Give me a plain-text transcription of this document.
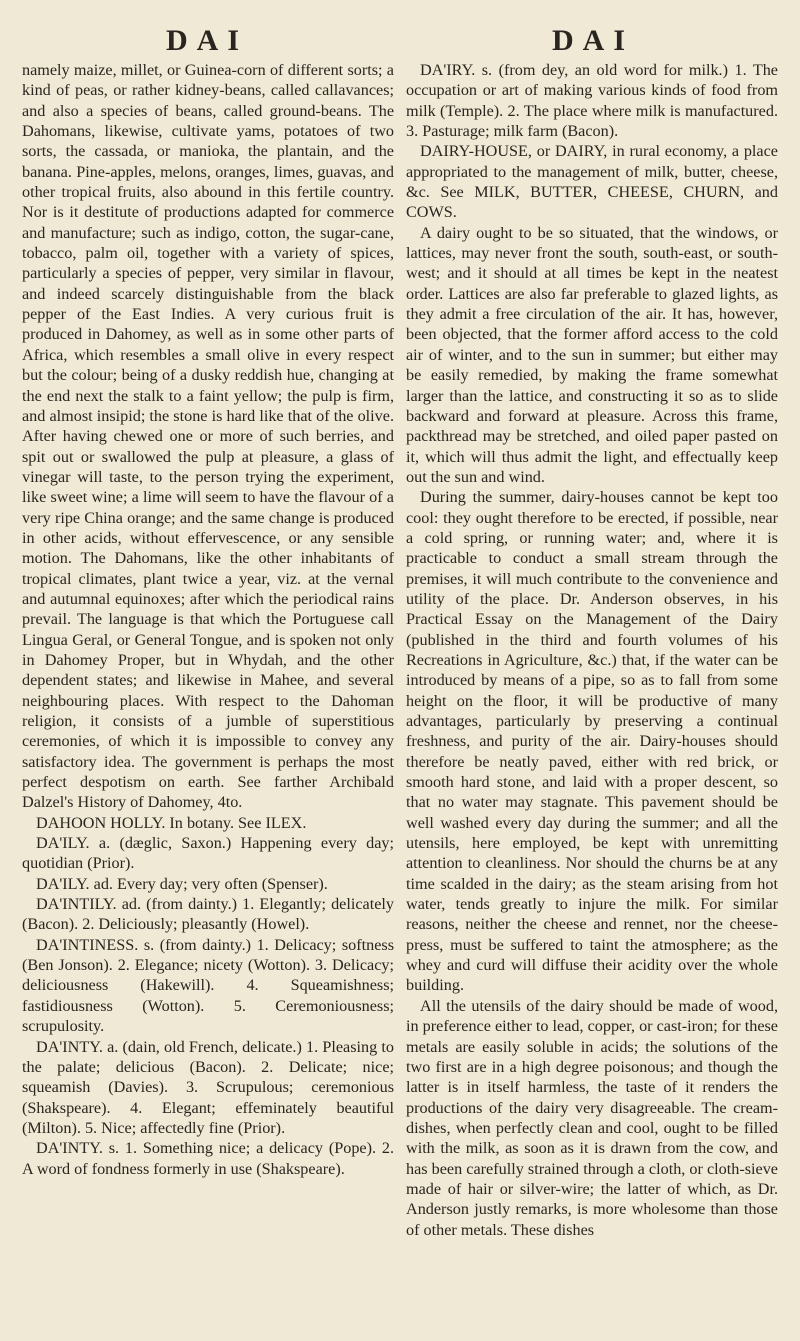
DAI	DAI

namely maize, millet, or Guinea-corn of different sorts; a kind of peas, or rather kidney-beans, called callavances; and also a species of beans, called ground-beans. The Dahomans, likewise, cultivate yams, potatoes of two sorts, the cassada, or manioka, the plantain, and the banana. Pine-apples, melons, oranges, limes, guavas, and other tropical fruits, also abound in this fertile country. Nor is it destitute of productions adapted for commerce and manufacture; such as indigo, cotton, the sugar-cane, tobacco, palm oil, together with a variety of spices, particularly a species of pepper, very similar in flavour, and indeed scarcely distinguishable from the black pepper of the East Indies. A very curious fruit is produced in Dahomey, as well as in some other parts of Africa, which resembles a small olive in every respect but the colour; being of a dusky reddish hue, changing at the end next the stalk to a faint yellow; the pulp is firm, and almost insipid; the stone is hard like that of the olive. After having chewed one or more of such berries, and spit out or swallowed the pulp at pleasure, a glass of vinegar will taste, to the person trying the experiment, like sweet wine; a lime will seem to have the flavour of a very ripe China orange; and the same change is produced in other acids, without effervescence, or any sensible motion. The Dahomans, like the other inhabitants of tropical climates, plant twice a year, viz. at the vernal and autumnal equinoxes; after which the periodical rains prevail. The language is that which the Portuguese call Lingua Geral, or General Tongue, and is spoken not only in Dahomey Proper, but in Whydah, and the other dependent states; and likewise in Mahee, and several neighbouring places. With respect to the Dahoman religion, it consists of a jumble of superstitious ceremonies, of which it is impossible to convey any satisfactory idea. The government is perhaps the most perfect despotism on earth. See farther Archibald Dalzel's History of Dahomey, 4to.

DAHOON HOLLY. In botany. See ILEX.

DA'ILY. a. (dæglic, Saxon.) Happening every day; quotidian (Prior).

DA'ILY. ad. Every day; very often (Spenser).

DA'INTILY. ad. (from dainty.) 1. Elegantly; delicately (Bacon). 2. Deliciously; pleasantly (Howel).

DA'INTINESS. s. (from dainty.) 1. Delicacy; softness (Ben Jonson). 2. Elegance; nicety (Wotton). 3. Delicacy; deliciousness (Hakewill). 4. Squeamishness; fastidiousness (Wotton). 5. Ceremoniousness; scrupulosity.

DA'INTY. a. (dain, old French, delicate.) 1. Pleasing to the palate; delicious (Bacon). 2. Delicate; nice; squeamish (Davies). 3. Scrupulous; ceremonious (Shakspeare). 4. Elegant; effeminately beautiful (Milton). 5. Nice; affectedly fine (Prior).

DA'INTY. s. 1. Something nice; a delicacy (Pope). 2. A word of fondness formerly in use (Shakspeare).

DA'IRY. s. (from dey, an old word for milk.) 1. The occupation or art of making various kinds of food from milk (Temple). 2. The place where milk is manufactured. 3. Pasturage; milk farm (Bacon).

DAIRY-HOUSE, or DAIRY, in rural economy, a place appropriated to the management of milk, butter, cheese, &c. See MILK, BUTTER, CHEESE, CHURN, and COWS.

A dairy ought to be so situated, that the windows, or lattices, may never front the south, south-east, or south-west; and it should at all times be kept in the neatest order. Lattices are also far preferable to glazed lights, as they admit a free circulation of the air. It has, however, been objected, that the former afford access to the cold air of winter, and to the sun in summer; but either may be easily remedied, by making the frame somewhat larger than the lattice, and constructing it so as to slide backward and forward at pleasure. Across this frame, packthread may be stretched, and oiled paper pasted on it, which will thus admit the light, and effectually keep out the sun and wind.

During the summer, dairy-houses cannot be kept too cool: they ought therefore to be erected, if possible, near a cold spring, or running water; and, where it is practicable to conduct a small stream through the premises, it will much contribute to the convenience and utility of the place. Dr. Anderson observes, in his Practical Essay on the Management of the Dairy (published in the third and fourth volumes of his Recreations in Agriculture, &c.) that, if the water can be introduced by means of a pipe, so as to fall from some height on the floor, it will be productive of many advantages, particularly by preserving a continual freshness, and purity of the air. Dairy-houses should therefore be neatly paved, either with red brick, or smooth hard stone, and laid with a proper descent, so that no water may stagnate. This pavement should be well washed every day during the summer; and all the utensils, here employed, be kept with unremitting attention to cleanliness. Nor should the churns be at any time scalded in the dairy; as the steam arising from hot water, tends greatly to injure the milk. For similar reasons, neither the cheese and rennet, nor the cheese-press, must be suffered to taint the atmosphere; as the whey and curd will diffuse their acidity over the whole building.

All the utensils of the dairy should be made of wood, in preference either to lead, copper, or cast-iron; for these metals are easily soluble in acids; the solutions of the two first are in a high degree poisonous; and though the latter is in itself harmless, the taste of it renders the productions of the dairy very disagreeable. The cream-dishes, when perfectly clean and cool, ought to be filled with the milk, as soon as it is drawn from the cow, and has been carefully strained through a cloth, or cloth-sieve made of hair or silver-wire; the latter of which, as Dr. Anderson justly remarks, is more wholesome than those of other metals. These dishes
